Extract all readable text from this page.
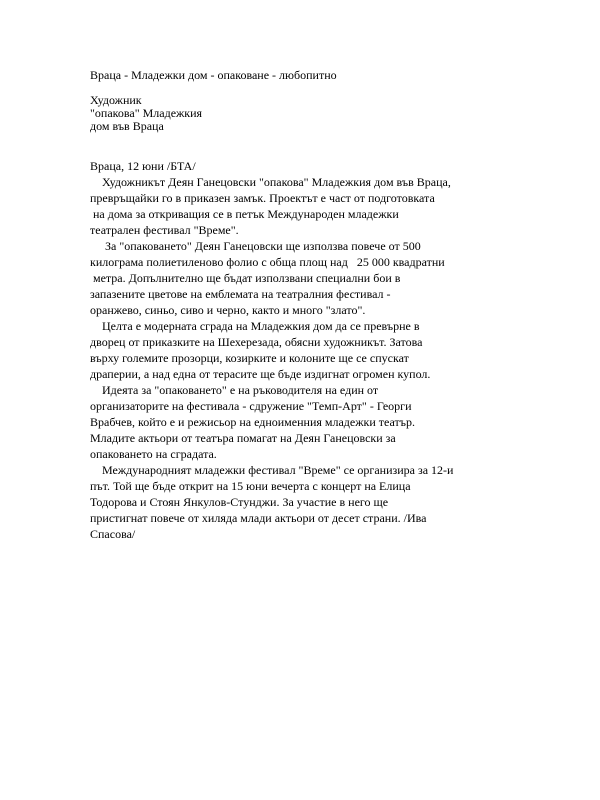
Враца - Младежки дом - опаковане - любопитно
Художник
"опакова" Младежкия
дом във Враца
Враца, 12 юни /БТА/
Художникът Деян Ганецовски "опакова" Младежкия дом във Враца,
превръщайки го в приказен замък. Проектът е част от подготовката
на дома за откриващия се в петък Международен младежки
театрален фестивал "Време".
За "опаковането" Деян Ганецовски ще използва повече от 500
килограма полиетиленово фолио с обща площ над   25 000 квадратни
метра. Допълнително ще бъдат използвани специални бои в
запазените цветове на емблемата на театралния фестивал -
оранжево, синьо, сиво и черно, както и много "злато".
Целта е модерната сграда на Младежкия дом да се превърне в
дворец от приказките на Шехерезада, обясни художникът. Затова
върху големите прозорци, козирките и колоните ще се спускат
драперии, а над една от терасите ще бъде издигнат огромен купол.
Идеята за "опаковането" е на ръководителя на един от
организаторите на фестивала - сдружение "Темп-Арт" - Георги
Врабчев, който е и режисьор на едноименния младежки театър.
Младите актьори от театъра помагат на Деян Ганецовски за
опаковането на сградата.
Международният младежки фестивал "Време" се организира за 12-и
път. Той ще бъде открит на 15 юни вечерта с концерт на Елица
Тодорова и Стоян Янкулов-Стунджи. За участие в него ще
пристигнат повече от хиляда млади актьори от десет страни. /Ива
Спасова/
